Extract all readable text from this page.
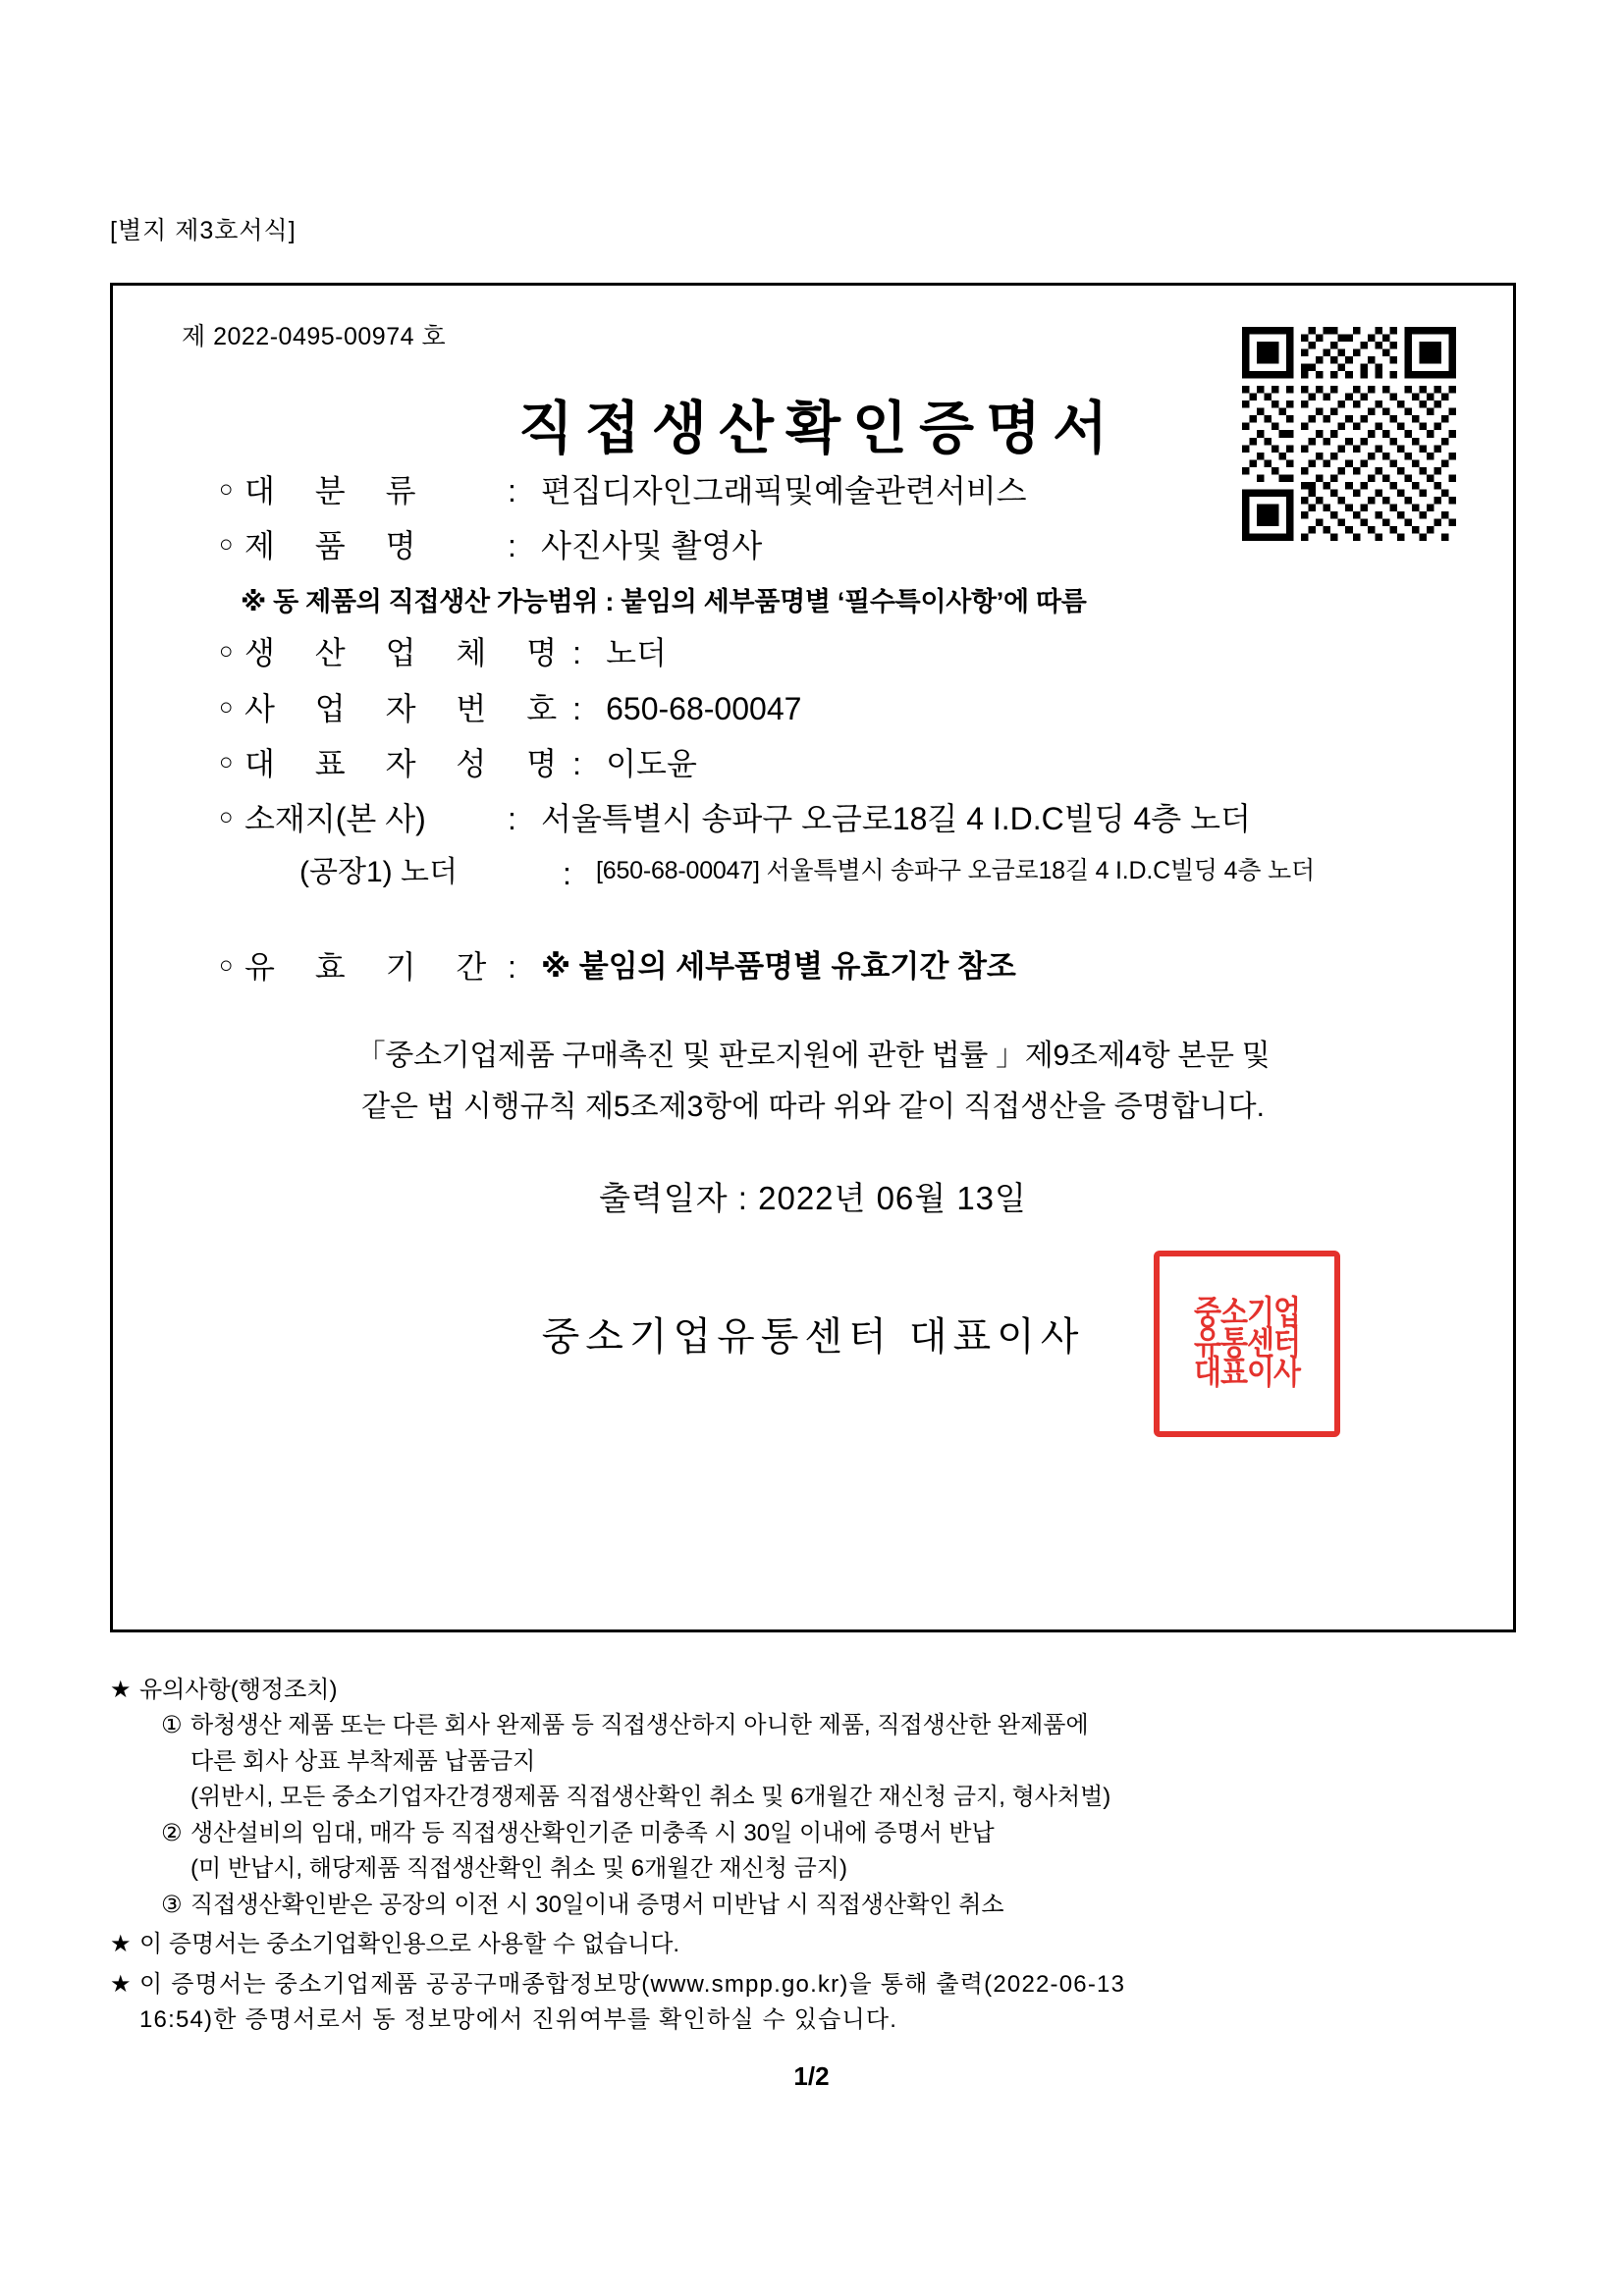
[별지 제3호서식]
제 2022-0495-00974 호
직접생산확인증명서
○ 대 분 류	: 편집디자인그래픽및예술관련서비스
○ 제 품 명	: 사진사및 촬영사
※ 동 제품의 직접생산 가능범위 : 붙임의 세부품명별 ‘필수특이사항’에 따름
○ 생 산 업 체 명 : 노더
○ 사 업 자 번 호 : 650-68-00047
○ 대 표 자 성 명 : 이도윤
○ 소재지(본 사)	: 서울특별시 송파구 오금로18길 4 I.D.C빌딩 4층 노더

(공장1) 노더	:	[650-68-00047] 서울특별시 송파구 오금로18길 4 I.D.C빌딩 4층 노더
○ 유 효 기 간 : ※ 붙임의 세부품명별 유효기간 참조
「중소기업제품 구매촉진 및 판로지원에 관한 법률 」제9조제4항 본문 및
같은 법 시행규칙 제5조제3항에 따라 위와 같이 직접생산을 증명합니다.
출력일자 : 2022년 06월 13일
중소기업유통센터 대표이사
중소기업
유통센터
대표이사
★ 유의사항(행정조치)
① 하청생산 제품 또는 다른 회사 완제품 등 직접생산하지 아니한 제품, 직접생산한 완제품에
다른 회사 상표 부착제품 납품금지
(위반시, 모든 중소기업자간경쟁제품 직접생산확인 취소 및 6개월간 재신청 금지, 형사처벌)
② 생산설비의 임대, 매각 등 직접생산확인기준 미충족 시 30일 이내에 증명서 반납
(미 반납시, 해당제품 직접생산확인 취소 및 6개월간 재신청 금지)
③ 직접생산확인받은 공장의 이전 시 30일이내 증명서 미반납 시 직접생산확인 취소
★ 이 증명서는 중소기업확인용으로 사용할 수 없습니다.
★ 이 증명서는 중소기업제품 공공구매종합정보망(www.smpp.go.kr)을 통해 출력(2022-06-13
16:54)한 증명서로서 동 정보망에서 진위여부를 확인하실 수 있습니다.
1/2
